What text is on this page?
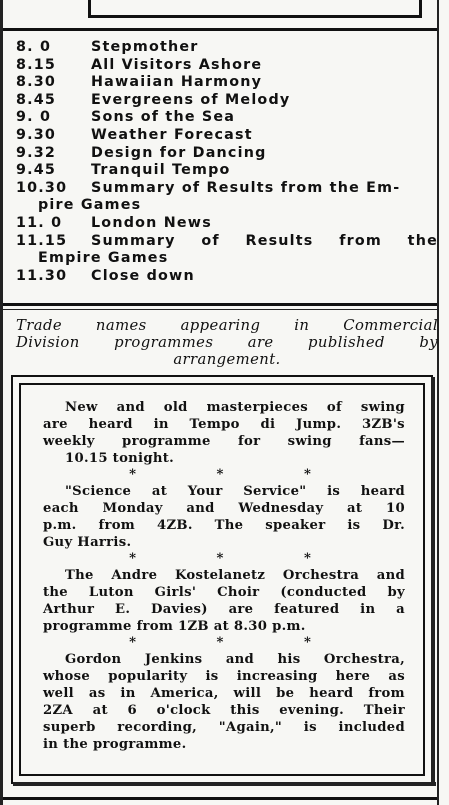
8. 0	Stepmother
8.15	All Visitors Ashore
8.30	Hawaiian Harmony
8.45	Evergreens of Melody
9. 0	Sons of the Sea
9.30	Weather Forecast
9.32	Design for Dancing
9.45	Tranquil Tempo
10.30	Summary of Results from the Em-
pire Games
11. 0	London News
11.15	Summary of Results from the
Empire Games
11.30	Close down
Trade names appearing in Commercial
Division programmes are published by
arrangement.
New and old masterpieces of swing
are heard in Tempo di Jump. 3ZB's
weekly programme for swing fans—
10.15 tonight.
* * *
"Science at Your Service" is heard
each Monday and Wednesday at 10
p.m. from 4ZB. The speaker is Dr.
Guy Harris.
* * *
The Andre Kostelanetz Orchestra and
the Luton Girls' Choir (conducted by
Arthur E. Davies) are featured in a
programme from 1ZB at 8.30 p.m.
* * *
Gordon Jenkins and his Orchestra,
whose popularity is increasing here as
well as in America, will be heard from
2ZA at 6 o'clock this evening. Their
superb recording, "Again," is included
in the programme.
